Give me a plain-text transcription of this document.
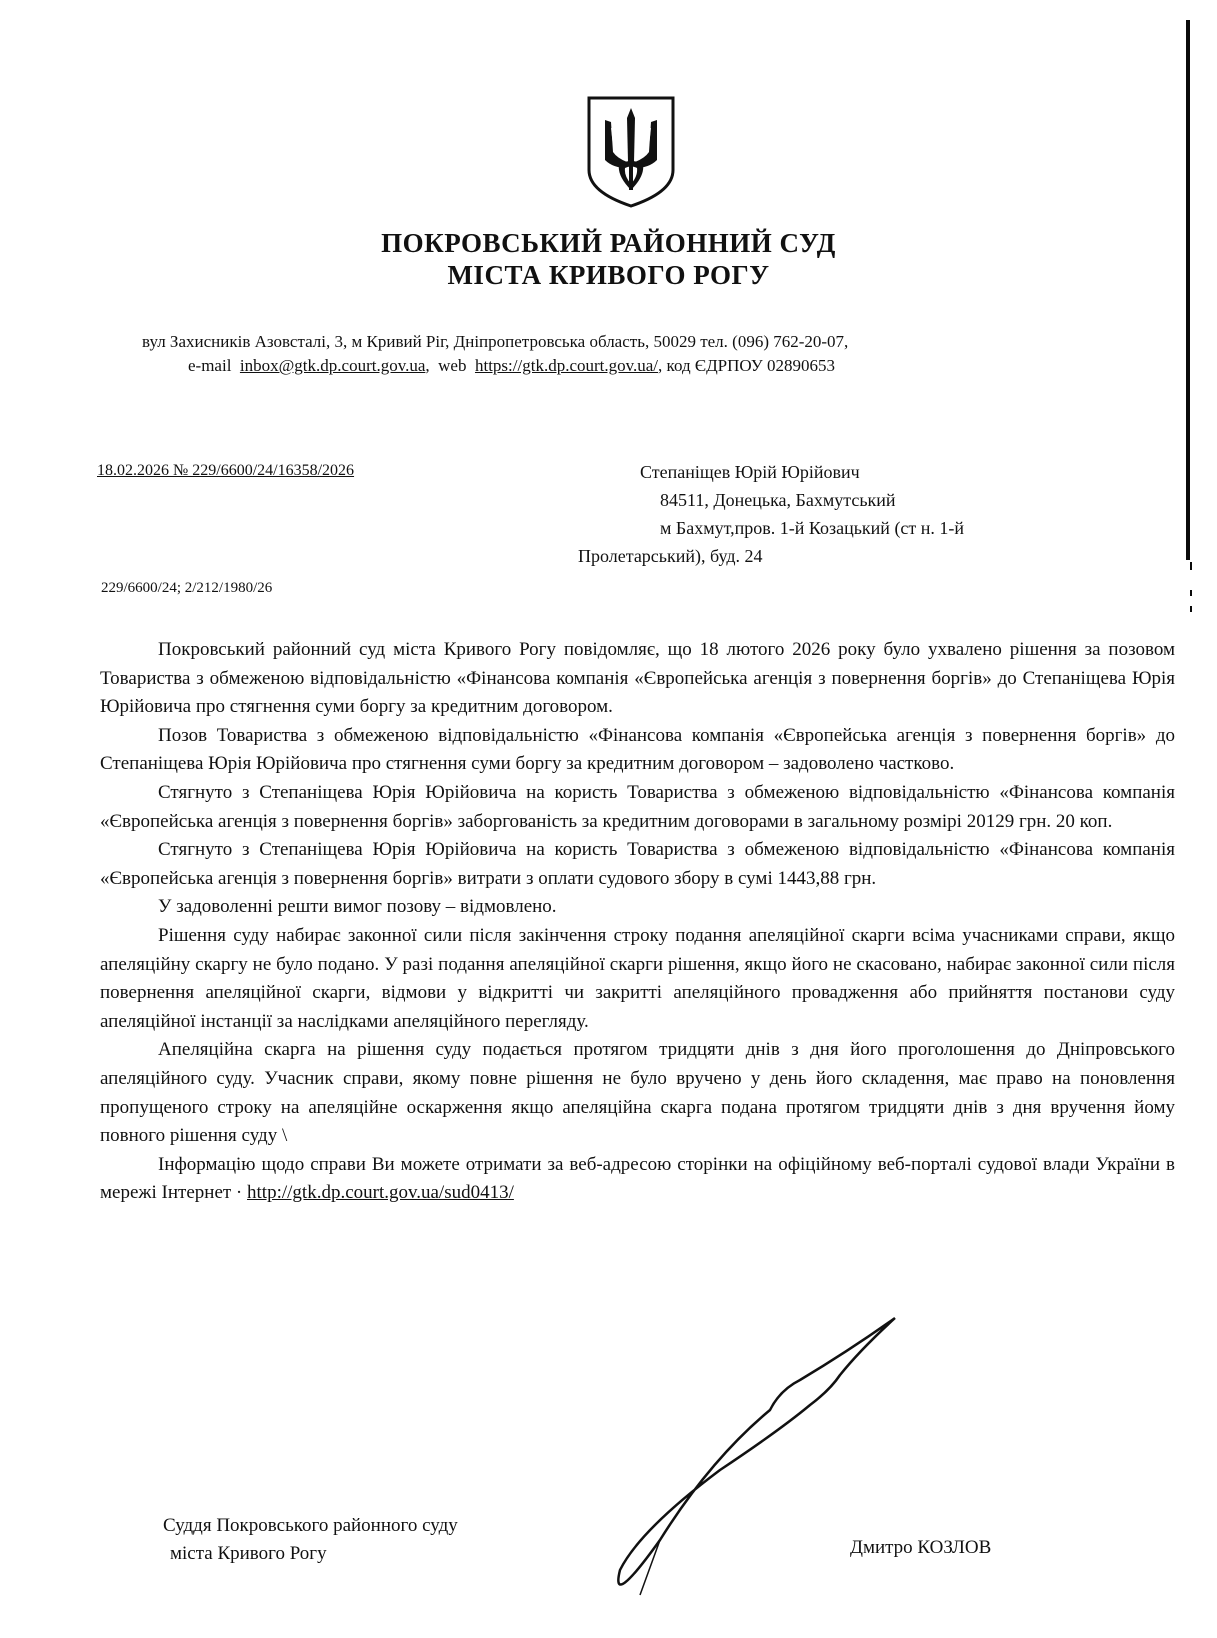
ПОКРОВСЬКИЙ РАЙОННИЙ СУД
МІСТА КРИВОГО РОГУ
вул Захисників Азовсталі, 3, м Кривий Ріг, Дніпропетровська область, 50029 тел. (096) 762-20-07,
e-mail inbox@gtk.dp.court.gov.ua,  web https://gtk.dp.court.gov.ua/, код ЄДРПОУ 02890653
18.02.2026 № 229/6600/24/16358/2026	Степаніщев Юрій Юрійович
84511, Донецька, Бахмутський
м Бахмут,пров. 1-й Козацький (ст н. 1-й
Пролетарський), буд. 24
229/6600/24; 2/212/1980/26

Покровський районний суд міста Кривого Рогу повідомляє, що 18 лютого 2026 року було ухвалено рішення за позовом Товариства з обмеженою відповідальністю «Фінансова компанія «Європейська агенція з повернення боргів» до Степаніщева Юрія Юрійовича про стягнення суми боргу за кредитним договором.

Позов Товариства з обмеженою відповідальністю «Фінансова компанія «Європейська агенція з повернення боргів» до Степаніщева Юрія Юрійовича про стягнення суми боргу за кредитним договором – задоволено частково.

Стягнуто з Степаніщева Юрія Юрійовича на користь Товариства з обмеженою відповідальністю «Фінансова компанія «Європейська агенція з повернення боргів» заборгованість за кредитним договорами в загальному розмірі 20129 грн. 20 коп.

Стягнуто з Степаніщева Юрія Юрійовича на користь Товариства з обмеженою відповідальністю «Фінансова компанія «Європейська агенція з повернення боргів» витрати з оплати судового збору в сумі 1443,88 грн.

У задоволенні решти вимог позову – відмовлено.

Рішення суду набирає законної сили після закінчення строку подання апеляційної скарги всіма учасниками справи, якщо апеляційну скаргу не було подано. У разі подання апеляційної скарги рішення, якщо його не скасовано, набирає законної сили після повернення апеляційної скарги, відмови у відкритті чи закритті апеляційного провадження або прийняття постанови суду апеляційної інстанції за наслідками апеляційного перегляду.

Апеляційна скарга на рішення суду подається протягом тридцяти днів з дня його проголошення до Дніпровського апеляційного суду. Учасник справи, якому повне рішення не було вручено у день його складення, має право на поновлення пропущеного строку на апеляційне оскарження якщо апеляційна скарга подана протягом тридцяти днів з дня вручення йому повного рішення суду \

Інформацію щодо справи Ви можете отримати за веб-адресою сторінки на офіційному веб-порталі судової влади України в мережі Інтернет · http://gtk.dp.court.gov.ua/sud0413/

Суддя Покровського районного суду
міста Кривого Рогу	Дмитро КОЗЛОВ
